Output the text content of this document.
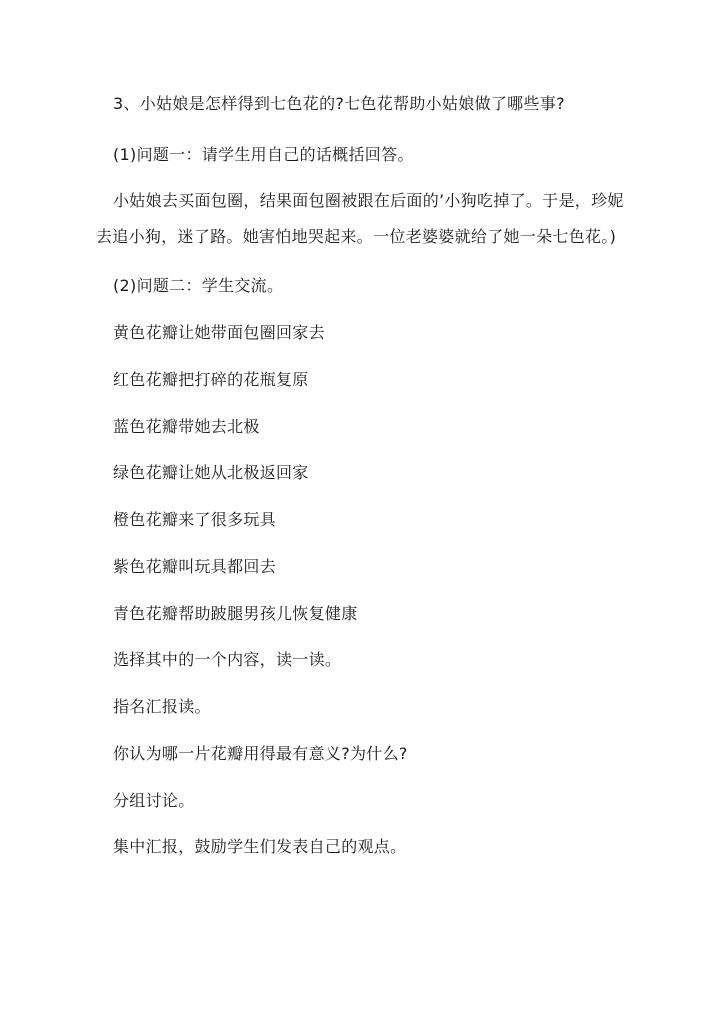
3、小姑娘是怎样得到七色花的?七色花帮助小姑娘做了哪些事?

(1)问题一：请学生用自己的话概括回答。

小姑娘去买面包圈，结果面包圈被跟在后面的’小狗吃掉了。于是，珍妮
去追小狗，迷了路。她害怕地哭起来。一位老婆婆就给了她一朵七色花。)

(2)问题二：学生交流。

黄色花瓣让她带面包圈回家去

红色花瓣把打碎的花瓶复原

蓝色花瓣带她去北极

绿色花瓣让她从北极返回家

橙色花瓣来了很多玩具

紫色花瓣叫玩具都回去

青色花瓣帮助跛腿男孩儿恢复健康

选择其中的一个内容，读一读。

指名汇报读。

你认为哪一片花瓣用得最有意义?为什么?

分组讨论。

集中汇报，鼓励学生们发表自己的观点。
